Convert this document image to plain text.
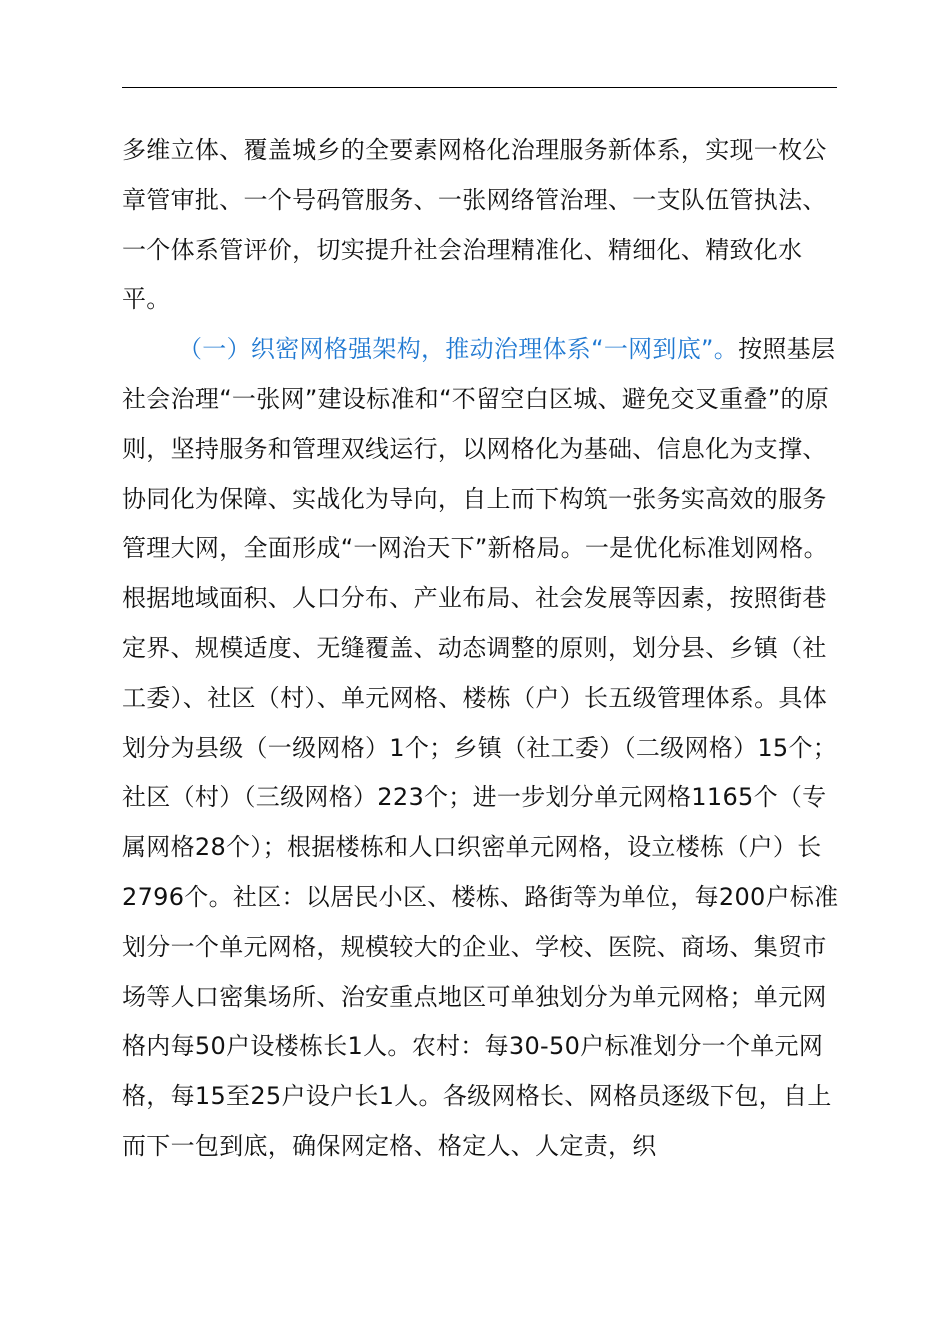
多维立体、覆盖城乡的全要素网格化治理服务新体系，实现一枚公章管审批、一个号码管服务、一张网络管治理、一支队伍管执法、一个体系管评价，切实提升社会治理精准化、精细化、精致化水平。

（一）织密网格强架构，推动治理体系“一网到底”。按照基层社会治理“一张网”建设标准和“不留空白区城、避免交叉重叠”的原则，坚持服务和管理双线运行，以网格化为基础、信息化为支撑、协同化为保障、实战化为导向，自上而下构筑一张务实高效的服务管理大网，全面形成“一网治天下”新格局。一是优化标准划网格。根据地域面积、人口分布、产业布局、社会发展等因素，按照街巷定界、规模适度、无缝覆盖、动态调整的原则，划分县、乡镇（社工委）、社区（村）、单元网格、楼栋（户）长五级管理体系。具体划分为县级（一级网格）1个；乡镇（社工委）（二级网格）15个；社区（村）（三级网格）223个；进一步划分单元网格1165个（专属网格28个）；根据楼栋和人口织密单元网格，设立楼栋（户）长2796个。社区：以居民小区、楼栋、路街等为单位，每200户标准划分一个单元网格，规模较大的企业、学校、医院、商场、集贸市场等人口密集场所、治安重点地区可单独划分为单元网格；单元网格内每50户设楼栋长1人。农村：每30-50户标准划分一个单元网格，每15至25户设户长1人。各级网格长、网格员逐级下包，自上而下一包到底，确保网定格、格定人、人定责，织
